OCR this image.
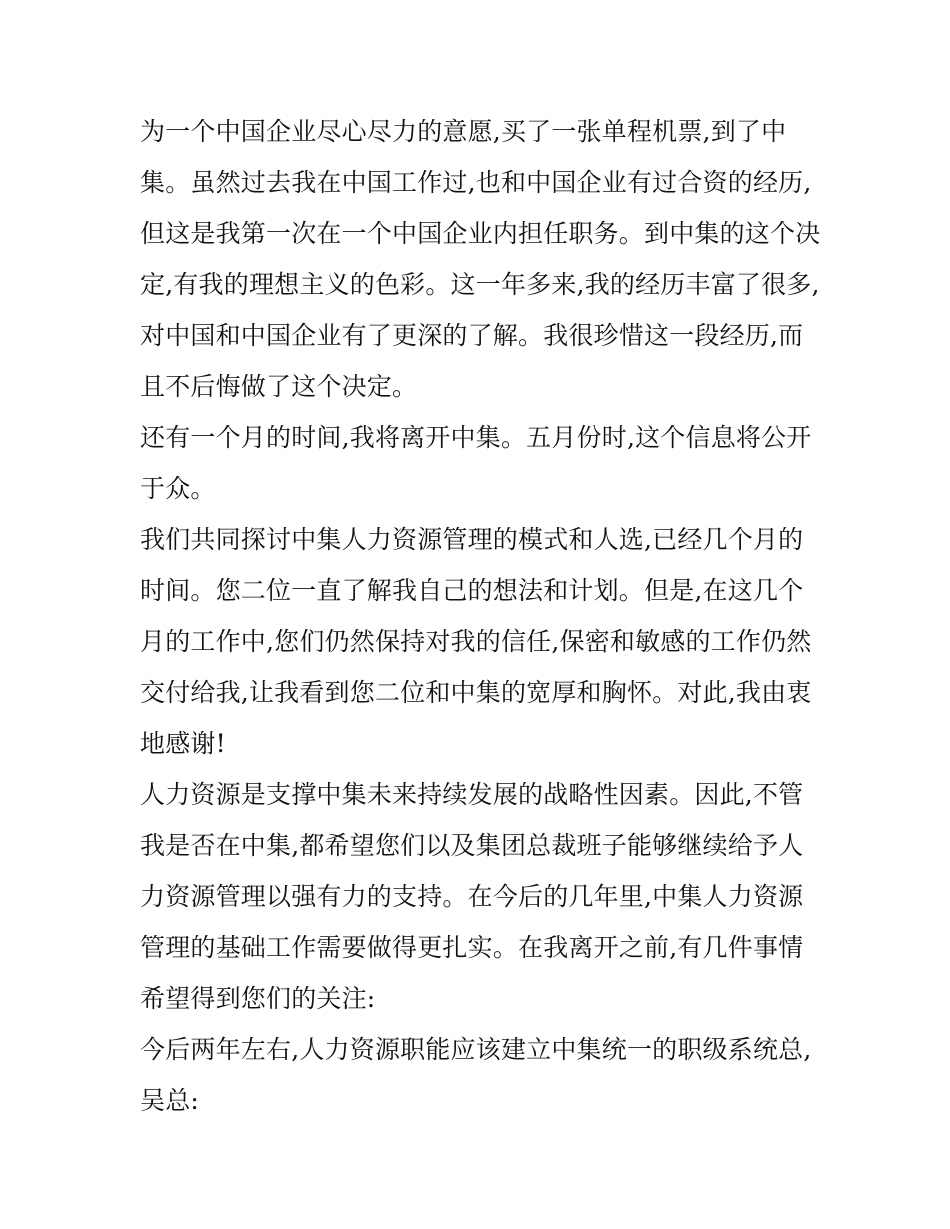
为一个中国企业尽心尽力的意愿,买了一张单程机票,到了中
集。虽然过去我在中国工作过,也和中国企业有过合资的经历,
但这是我第一次在一个中国企业内担任职务。到中集的这个决
定,有我的理想主义的色彩。这一年多来,我的经历丰富了很多,
对中国和中国企业有了更深的了解。我很珍惜这一段经历,而
且不后悔做了这个决定。
还有一个月的时间,我将离开中集。五月份时,这个信息将公开
于众。
我们共同探讨中集人力资源管理的模式和人选,已经几个月的
时间。您二位一直了解我自己的想法和计划。但是,在这几个
月的工作中,您们仍然保持对我的信任,保密和敏感的工作仍然
交付给我,让我看到您二位和中集的宽厚和胸怀。对此,我由衷
地感谢!
人力资源是支撑中集未来持续发展的战略性因素。因此,不管
我是否在中集,都希望您们以及集团总裁班子能够继续给予人
力资源管理以强有力的支持。在今后的几年里,中集人力资源
管理的基础工作需要做得更扎实。在我离开之前,有几件事情
希望得到您们的关注:
今后两年左右,人力资源职能应该建立中集统一的职级系统总,
吴总:
